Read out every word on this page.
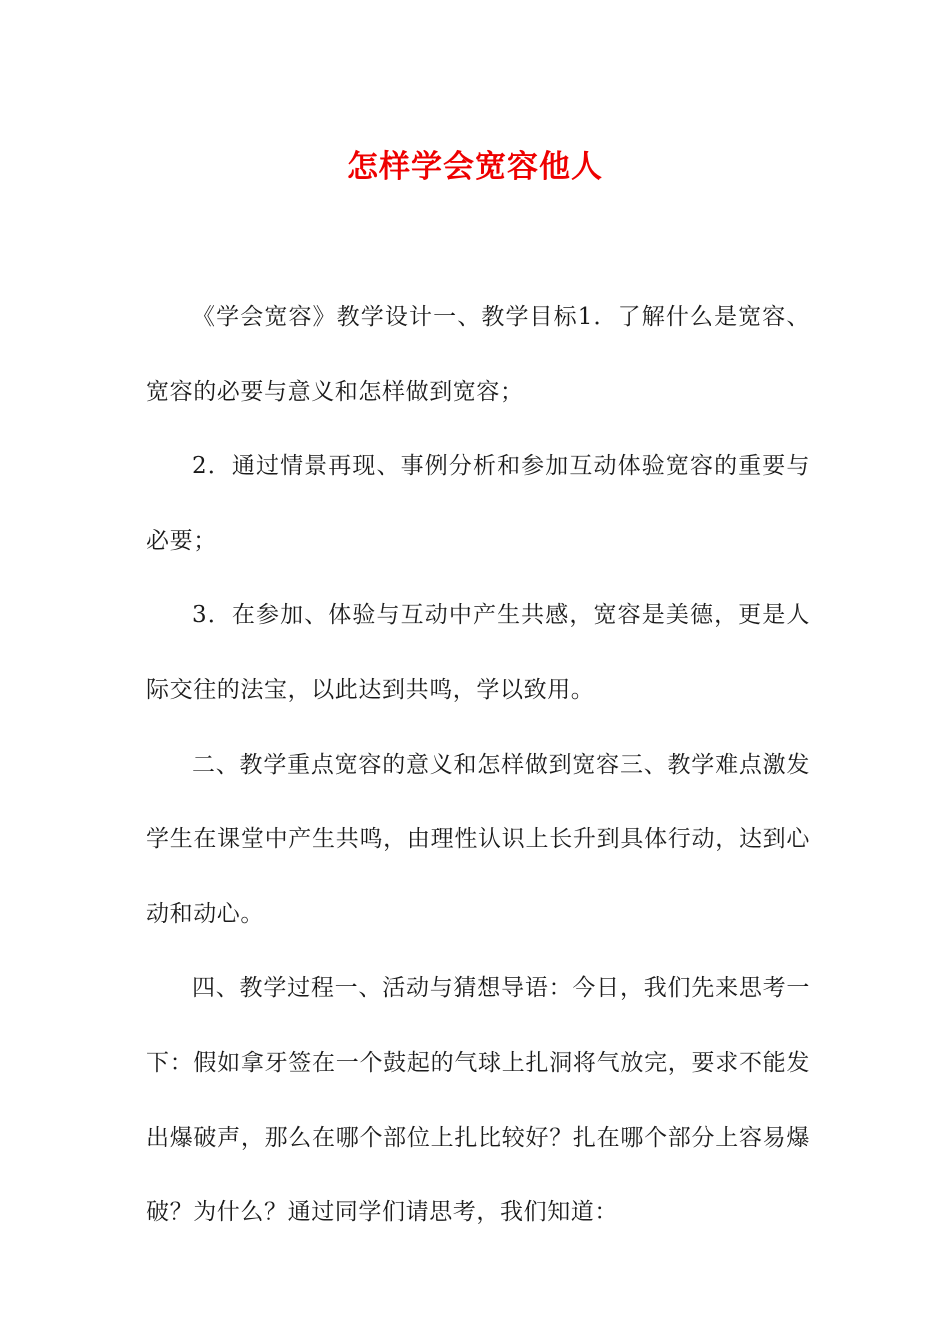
怎样学会宽容他人

《学会宽容》教学设计一、教学目标1．了解什么是宽容、宽容的必要与意义和怎样做到宽容；

2．通过情景再现、事例分析和参加互动体验宽容的重要与必要；

3．在参加、体验与互动中产生共感，宽容是美德，更是人际交往的法宝，以此达到共鸣，学以致用。

二、教学重点宽容的意义和怎样做到宽容三、教学难点激发学生在课堂中产生共鸣，由理性认识上长升到具体行动，达到心动和动心。

四、教学过程一、活动与猜想导语：今日，我们先来思考一下：假如拿牙签在一个鼓起的气球上扎洞将气放完，要求不能发出爆破声，那么在哪个部位上扎比较好？扎在哪个部分上容易爆破？为什么？通过同学们请思考，我们知道：
